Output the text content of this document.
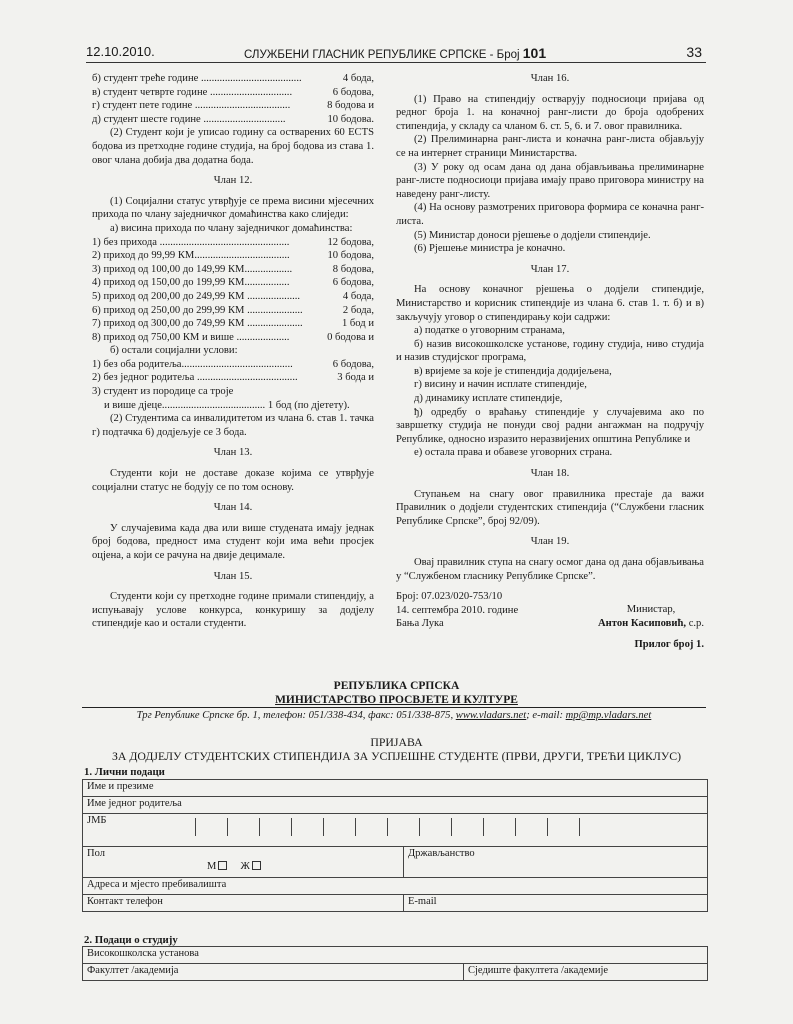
12.10.2010.	СЛУЖБЕНИ ГЛАСНИК РЕПУБЛИКЕ СРПСКЕ - Број 101	33
б) студент треће године ......................................	4 бода,
в) студент четврте године ...............................	6 бодова,
г) студент пете године ....................................	8 бодова и
д) студент шесте године ...............................	10 бодова.

(2) Студент који је уписао годину са остварених 60 ECTS бодова из претходне године студија, на број бодова из става 1. овог члана добија два додатна бода.

Члан 12.

(1) Социјални статус утврђује се према висини мјесечних прихода по члану заједничког домаћинства како слиједи:

а) висина прихода по члану заједничког домаћинства:

1) без прихода .................................................	12 бодова,
2) приход до 99,99 КМ....................................	10 бодова,
3) приход од 100,00 до 149,99 КМ..................	8 бодова,
4) приход од 150,00 до 199,99 КМ.................	6 бодова,
5) приход од 200,00 до 249,99 КМ ....................	4 бода,
6) приход од 250,00 до 299,99 КМ .....................	2 бода,
7) приход од 300,00 до 749,99 КМ .....................	1 бод и
8) приход од 750,00 КМ и више ....................	0 бодова и

б) остали социјални услови:

1) без оба родитеља..........................................	6 бодова,
2) без једног родитеља ......................................	3 бода и

3) студент из породице са троје

и више дјеце....................................... 1 бод (по дјетету).

(2) Студентима са инвалидитетом из члана 6. став 1. тачка г) подтачка 6) додјељује се 3 бода.

Члан 13.

Студенти који не доставе доказе којима се утврђује социјални статус не бодују се по том основу.

Члан 14.

У случајевима када два или више студената имају једнак број бодова, предност има студент који има већи просјек оцјена, а који се рачуна на двије децимале.

Члан 15.

Студенти који су претходне године примали стипендију, а испуњавају услове конкурса, конкуришу за додјелу стипендије као и остали студенти.

Члан 16.

(1) Право на стипендију остварују подносиоци пријава од редног броја 1. на коначној ранг-листи до броја одобрених стипендија, у складу са чланом 6. ст. 5, 6. и 7. овог правилника.

(2) Прелиминарна ранг-листа и коначна ранг-листа објављују се на интернет страници Министарства.

(3) У року од осам дана од дана објављивања прелиминарне ранг-листе подносиоци пријава имају право приговора министру на наведену ранг-листу.

(4) На основу размотрених приговора формира се коначна ранг-листа.

(5) Министар доноси рјешење о додјели стипендије.

(6) Рјешење министра је коначно.

Члан 17.

На основу коначног рјешења о додјели стипендије, Министарство и корисник стипендије из члана 6. став 1. т. б) и в) закључују уговор о стипендирању који садржи:

а) податке о уговорним странама,

б) назив високошколске установе, годину студија, ниво студија и назив студијског програма,

в) вријеме за које је стипендија додијељена,

г) висину и начин исплате стипендије,

д) динамику исплате стипендије,

ђ) одредбу о враћању стипендије у случајевима ако по завршетку студија не понуди свој радни ангажман на подручју Републике, односно изразито неразвијених општина Републике и

е) остала права и обавезе уговорних страна.

Члан 18.

Ступањем на снагу овог правилника престаје да важи Правилник о додјели студентских стипендија (“Службени гласник Републике Српске”, број 92/09).

Члан 19.

Овај правилник ступа на снагу осмог дана од дана објављивања у “Службеном гласнику Републике Српске”.

Број: 07.023/020-753/10

14. септембра 2010. године

Бања Лука

Министар,

Антон Касиповић, с.р.

Прилог број 1.

РЕПУБЛИКА СРПСКА
МИНИСТАРСТВО ПРОСВЈЕТЕ И КУЛТУРЕ
Трг Републике Српске бр. 1, телефон: 051/338-434, факс: 051/338-875, www.vladars.net; e-mail: mp@mp.vladars.net
ПРИЈАВА
ЗА ДОДЈЕЛУ СТУДЕНТСКИХ СТИПЕНДИЈА ЗА УСПЈЕШНЕ СТУДЕНТЕ (ПРВИ, ДРУГИ, ТРЕЋИ ЦИКЛУС)
1. Лични подаци
Име и презиме	
Име једног родитеља	
ЈМБ	

Пол
М Ж	Држављанство
Адреса и мјесто пребивалишта	
Контакт телефон	E-mail
2. Подаци о студију
Високошколска установа
Факултет /академија	Сједиште факултета /академије
